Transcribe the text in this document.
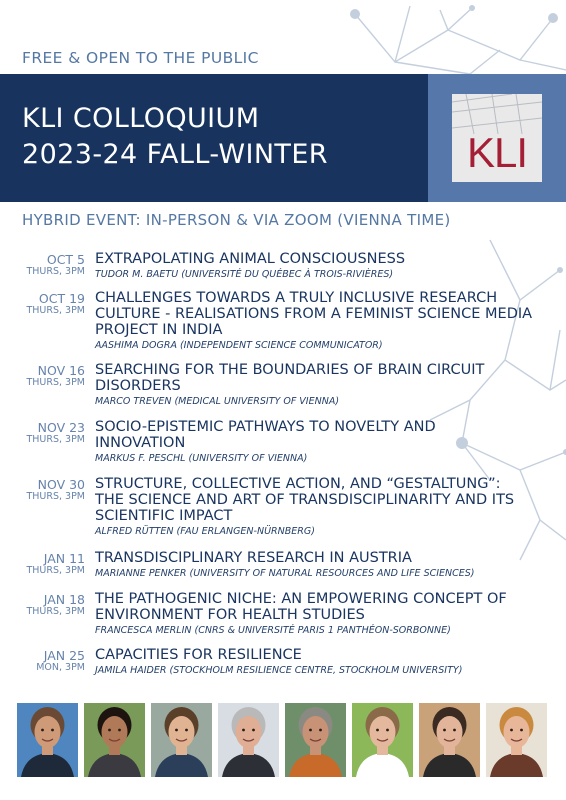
FREE & OPEN TO THE PUBLIC
KLI COLLOQUIUM
2023-24 FALL-WINTER	KLI
HYBRID EVENT: IN-PERSON & VIA ZOOM (VIENNA TIME)
OCT 5
THURS, 3PM
EXTRAPOLATING ANIMAL CONSCIOUSNESS
TUDOR M. BAETU (UNIVERSITÉ DU QUÉBEC À TROIS-RIVIÈRES)
OCT 19
THURS, 3PM
CHALLENGES TOWARDS A TRULY INCLUSIVE RESEARCH
CULTURE - REALISATIONS FROM A FEMINIST SCIENCE MEDIA
PROJECT IN INDIA
AASHIMA DOGRA (INDEPENDENT SCIENCE COMMUNICATOR)
NOV 16
THURS, 3PM
SEARCHING FOR THE BOUNDARIES OF BRAIN CIRCUIT
DISORDERS
MARCO TREVEN (MEDICAL UNIVERSITY OF VIENNA)
NOV 23
THURS, 3PM
SOCIO-EPISTEMIC PATHWAYS TO NOVELTY AND
INNOVATION
MARKUS F. PESCHL (UNIVERSITY OF VIENNA)
NOV 30
THURS, 3PM
STRUCTURE, COLLECTIVE ACTION, AND “GESTALTUNG”:
THE SCIENCE AND ART OF TRANSDISCIPLINARITY AND ITS
SCIENTIFIC IMPACT
ALFRED RÜTTEN (FAU ERLANGEN-NÜRNBERG)
JAN 11
THURS, 3PM
TRANSDISCIPLINARY RESEARCH IN AUSTRIA
MARIANNE PENKER (UNIVERSITY OF NATURAL RESOURCES AND LIFE SCIENCES)
JAN 18
THURS, 3PM
THE PATHOGENIC NICHE: AN EMPOWERING CONCEPT OF
ENVIRONMENT FOR HEALTH STUDIES
FRANCESCA MERLIN (CNRS & UNIVERSITÉ PARIS 1 PANTHÉON-SORBONNE)
JAN 25
MON, 3PM
CAPACITIES FOR RESILIENCE
JAMILA HAIDER (STOCKHOLM RESILIENCE CENTRE, STOCKHOLM UNIVERSITY)
